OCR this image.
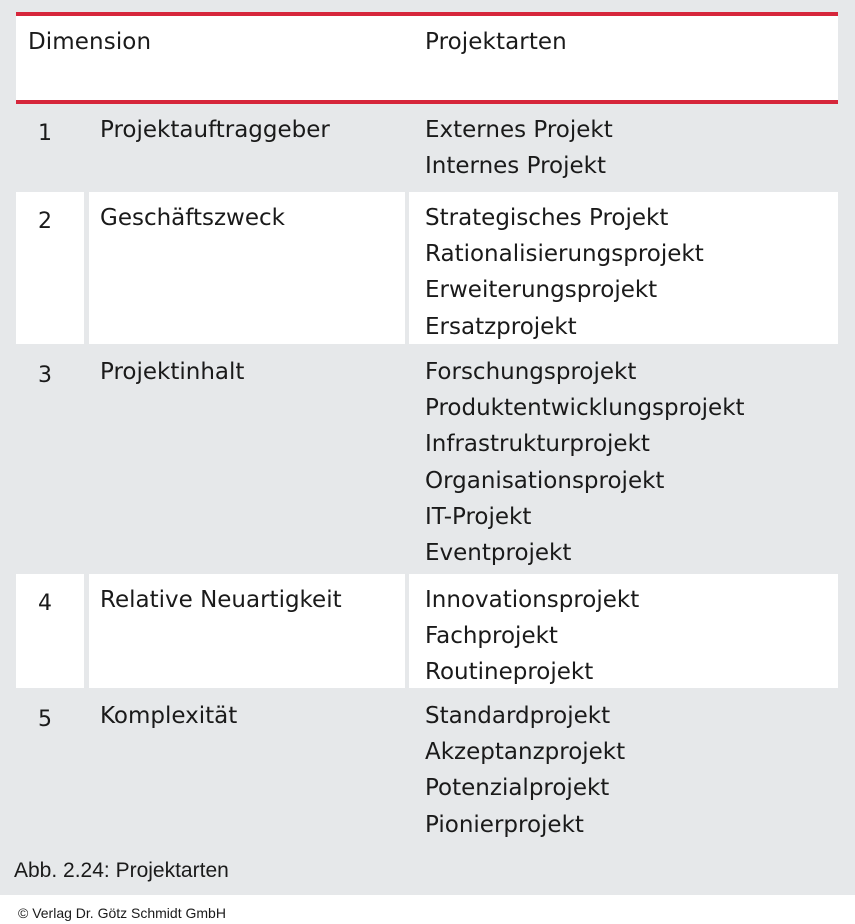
Dimension	Projektarten
1 Projektauftraggeber	Externes Projekt
Internes Projekt
2 Geschäftszweck	Strategisches Projekt
Rationalisierungsprojekt
Erweiterungsprojekt
Ersatzprojekt
3 Projektinhalt	Forschungsprojekt
Produktentwicklungsprojekt
Infrastrukturprojekt
Organisationsprojekt
IT-Projekt
Eventprojekt
4 Relative Neuartigkeit	Innovationsprojekt
Fachprojekt
Routineprojekt
5 Komplexität	Standardprojekt
Akzeptanzprojekt
Potenzialprojekt
Pionierprojekt
Abb. 2.24: Projektarten
© Verlag Dr. Götz Schmidt GmbH
